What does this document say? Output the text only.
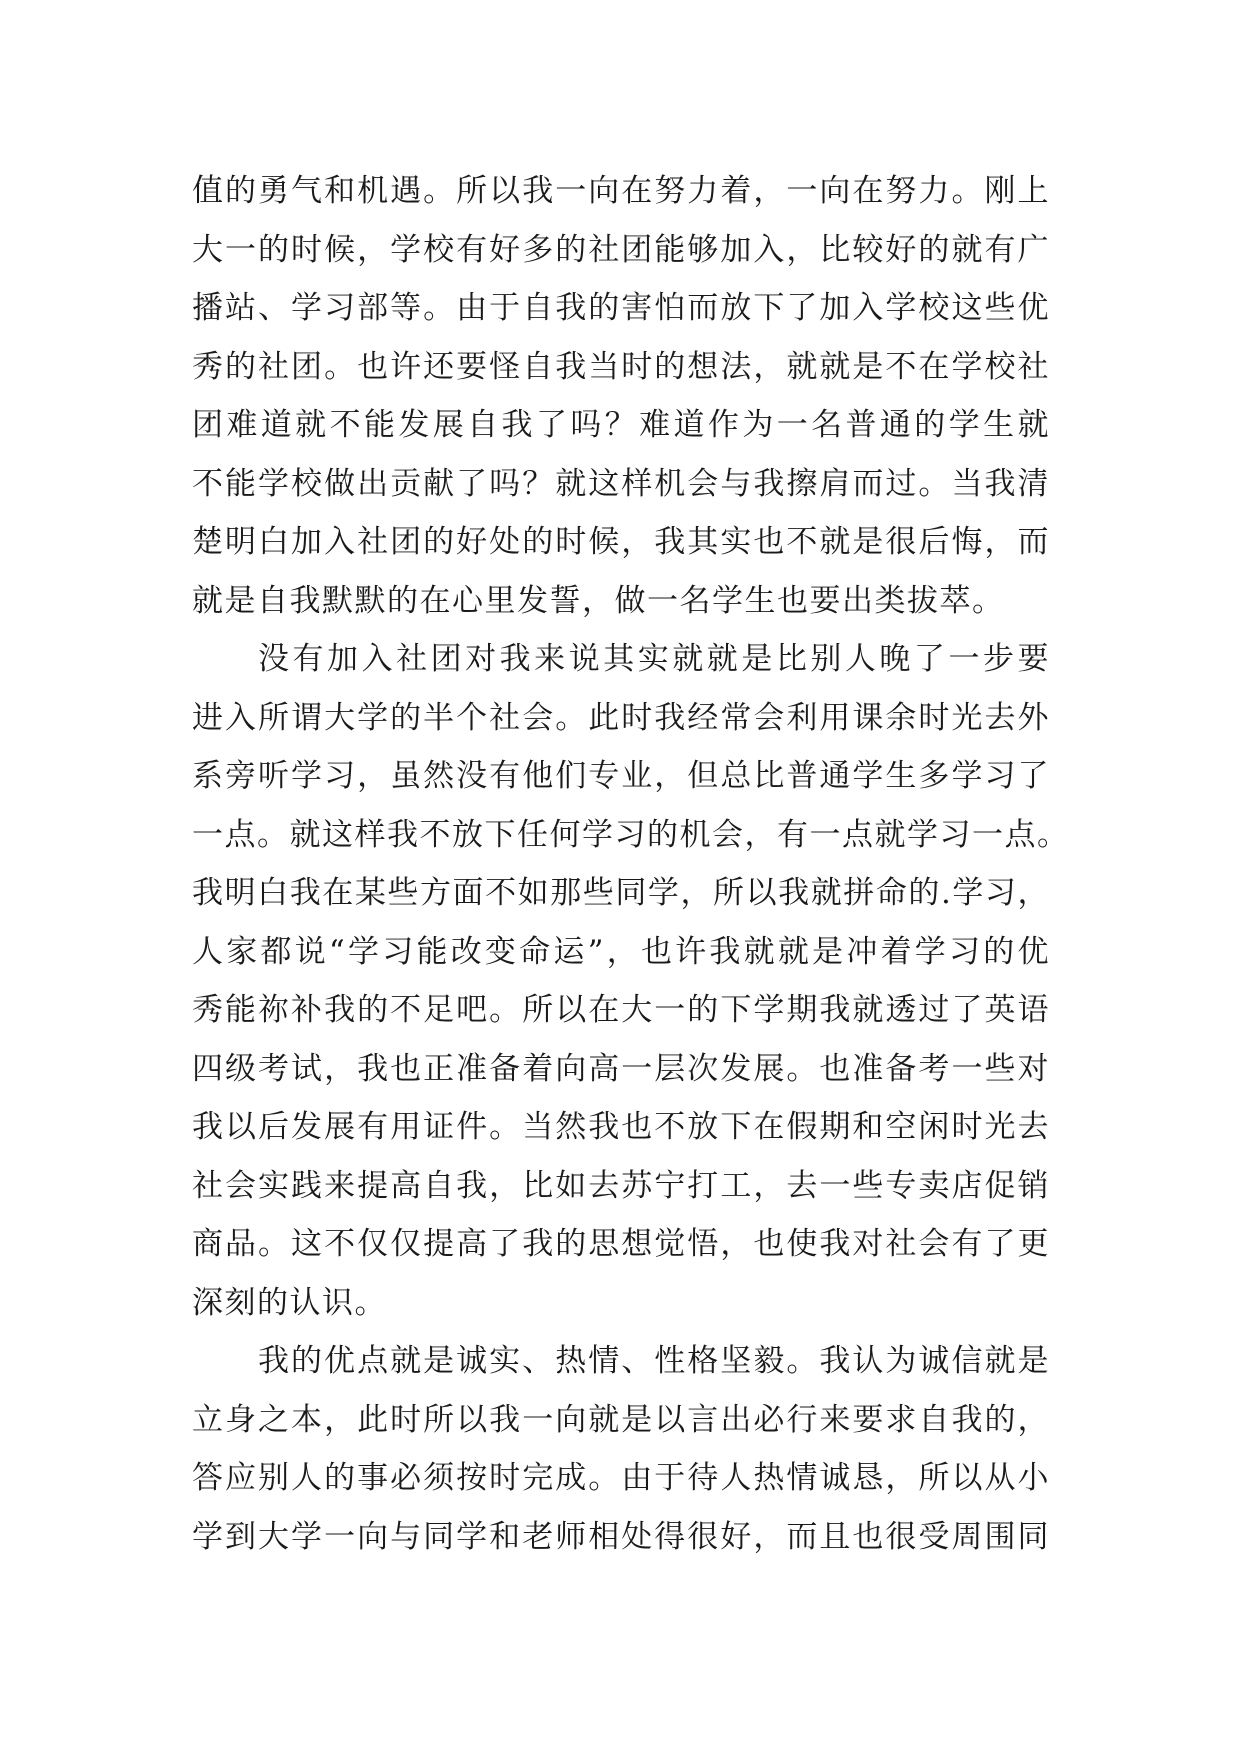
值的勇气和机遇。所以我一向在努力着，一向在努力。刚上
大一的时候，学校有好多的社团能够加入，比较好的就有广
播站、学习部等。由于自我的害怕而放下了加入学校这些优
秀的社团。也许还要怪自我当时的想法，就就是不在学校社
团难道就不能发展自我了吗？难道作为一名普通的学生就
不能学校做出贡献了吗？就这样机会与我擦肩而过。当我清
楚明白加入社团的好处的时候，我其实也不就是很后悔，而
就是自我默默的在心里发誓，做一名学生也要出类拔萃。
没有加入社团对我来说其实就就是比别人晚了一步要
进入所谓大学的半个社会。此时我经常会利用课余时光去外
系旁听学习，虽然没有他们专业，但总比普通学生多学习了
一点。就这样我不放下任何学习的机会，有一点就学习一点。
我明白我在某些方面不如那些同学，所以我就拼命的.学习，
人家都说“学习能改变命运”，也许我就就是冲着学习的优
秀能祢补我的不足吧。所以在大一的下学期我就透过了英语
四级考试，我也正准备着向高一层次发展。也准备考一些对
我以后发展有用证件。当然我也不放下在假期和空闲时光去
社会实践来提高自我，比如去苏宁打工，去一些专卖店促销
商品。这不仅仅提高了我的思想觉悟，也使我对社会有了更
深刻的认识。
我的优点就是诚实、热情、性格坚毅。我认为诚信就是
立身之本，此时所以我一向就是以言出必行来要求自我的，
答应别人的事必须按时完成。由于待人热情诚恳，所以从小
学到大学一向与同学和老师相处得很好，而且也很受周围同
